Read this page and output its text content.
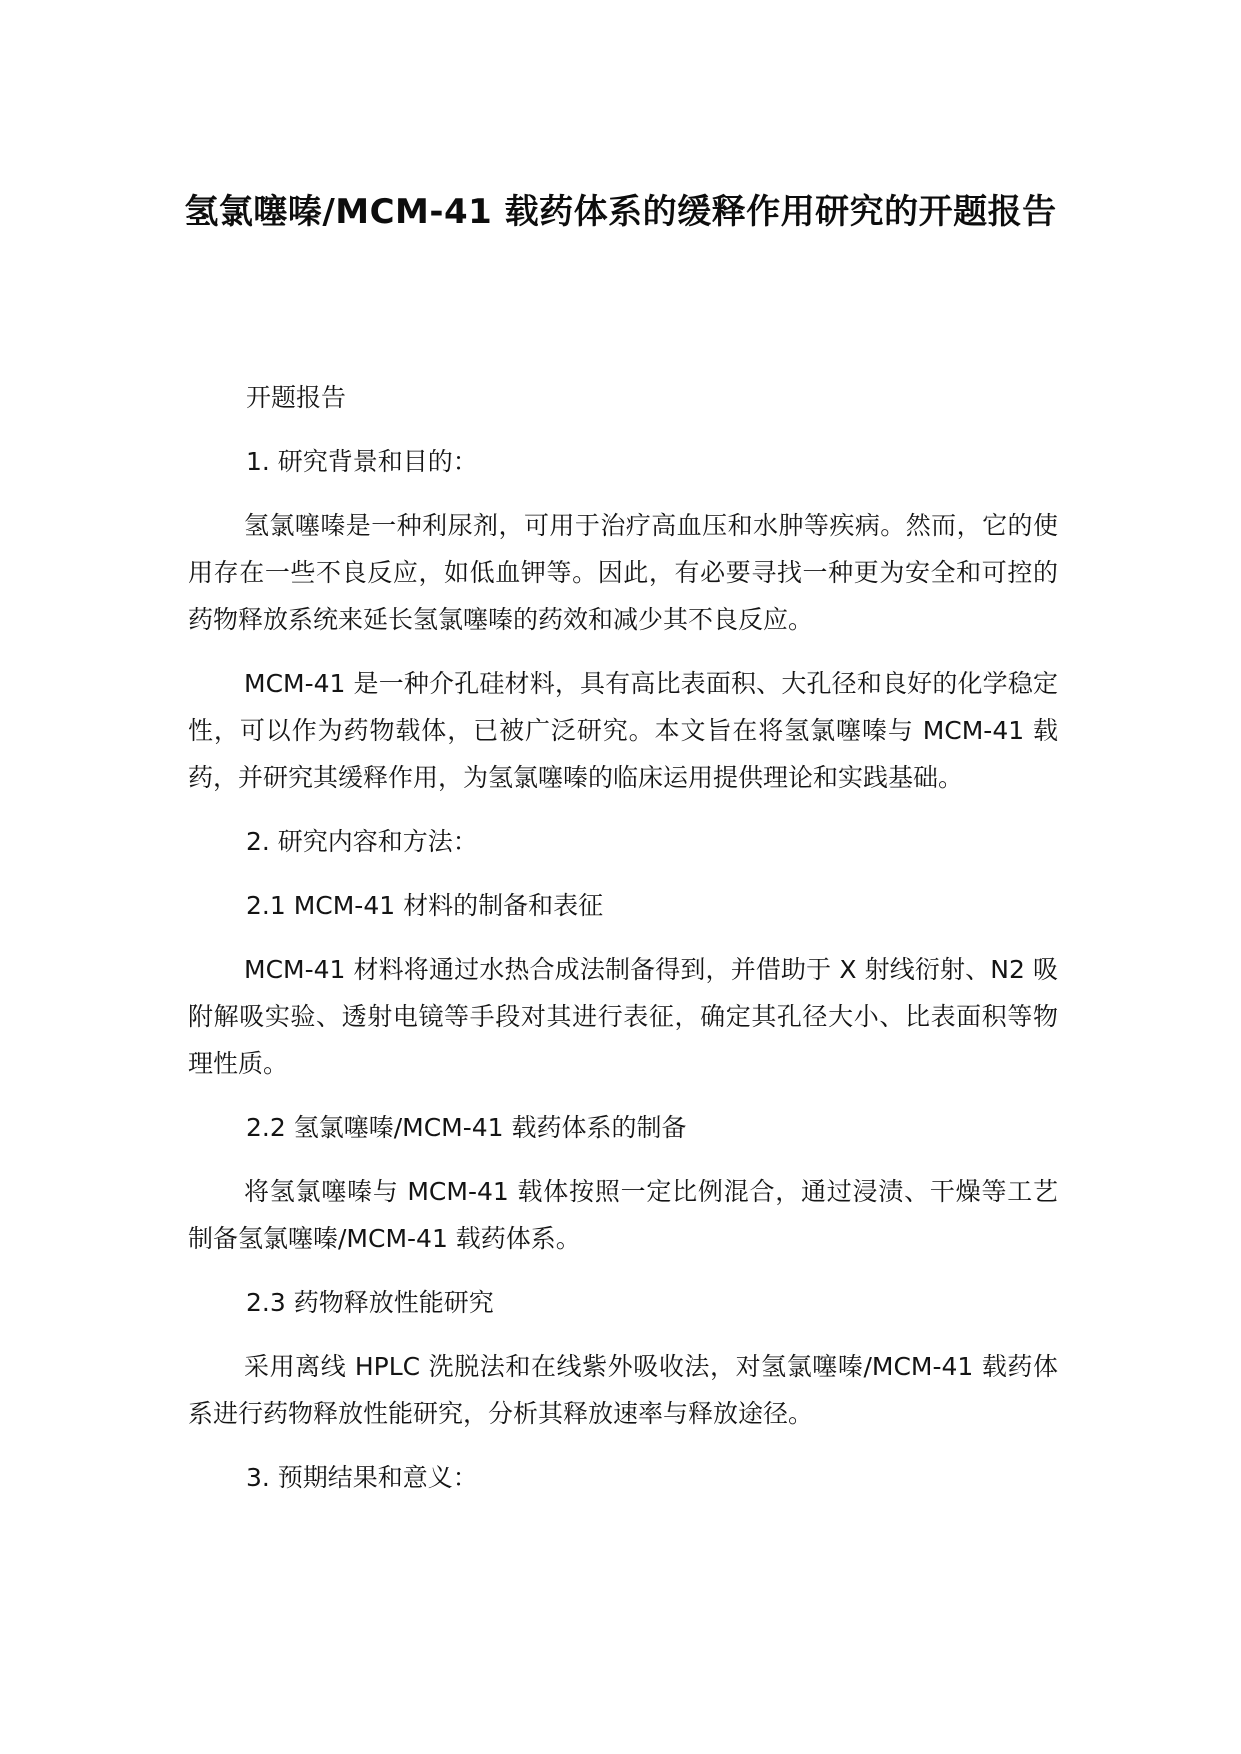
氢氯噻嗪/MCM-41 载药体系的缓释作用研究的开题报告

开题报告

1. 研究背景和目的：

氢氯噻嗪是一种利尿剂，可用于治疗高血压和水肿等疾病。然而，它的使用存在一些不良反应，如低血钾等。因此，有必要寻找一种更为安全和可控的药物释放系统来延长氢氯噻嗪的药效和减少其不良反应。

MCM-41 是一种介孔硅材料，具有高比表面积、大孔径和良好的化学稳定性，可以作为药物载体，已被广泛研究。本文旨在将氢氯噻嗪与 MCM-41 载药，并研究其缓释作用，为氢氯噻嗪的临床运用提供理论和实践基础。

2. 研究内容和方法：

2.1 MCM-41 材料的制备和表征

MCM-41 材料将通过水热合成法制备得到，并借助于 X 射线衍射、N2 吸附解吸实验、透射电镜等手段对其进行表征，确定其孔径大小、比表面积等物理性质。

2.2 氢氯噻嗪/MCM-41 载药体系的制备

将氢氯噻嗪与 MCM-41 载体按照一定比例混合，通过浸渍、干燥等工艺制备氢氯噻嗪/MCM-41 载药体系。

2.3 药物释放性能研究

采用离线 HPLC 洗脱法和在线紫外吸收法，对氢氯噻嗪/MCM-41 载药体系进行药物释放性能研究，分析其释放速率与释放途径。

3. 预期结果和意义：
